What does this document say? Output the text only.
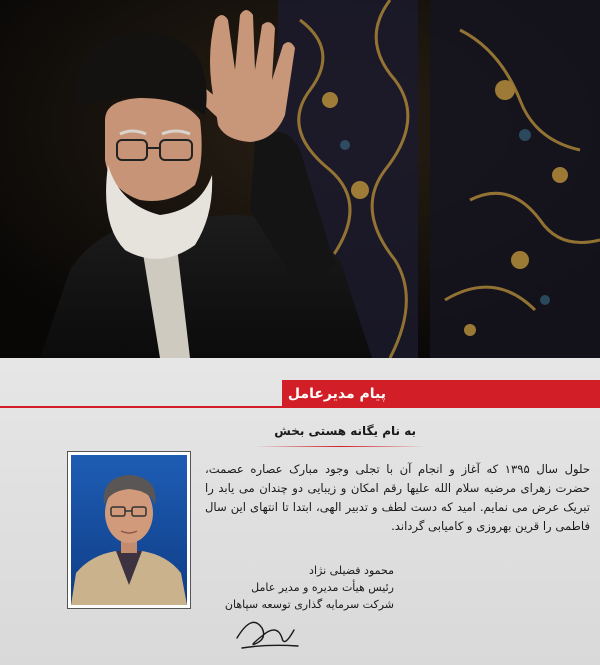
پیام مدیرعامل
به نام یگانه هستی بخش

حلول سال ۱۳۹۵ که آغاز و انجام آن با تجلی وجود مبارک عصاره عصمت، حضرت زهرای مرضیه سلام الله علیها رقم امکان و زیبایی دو چندان می یابد را تبریک عرض می نمایم. امید که دست لطف و تدبیر الهی، ابتدا تا انتهای این سال فاطمی را قرین بهروزی و کامیابی گرداند.

محمود فضیلی نژاد
رئیس هیأت مدیره و مدیر عامل
شرکت سرمایه گذاری توسعه سپاهان
